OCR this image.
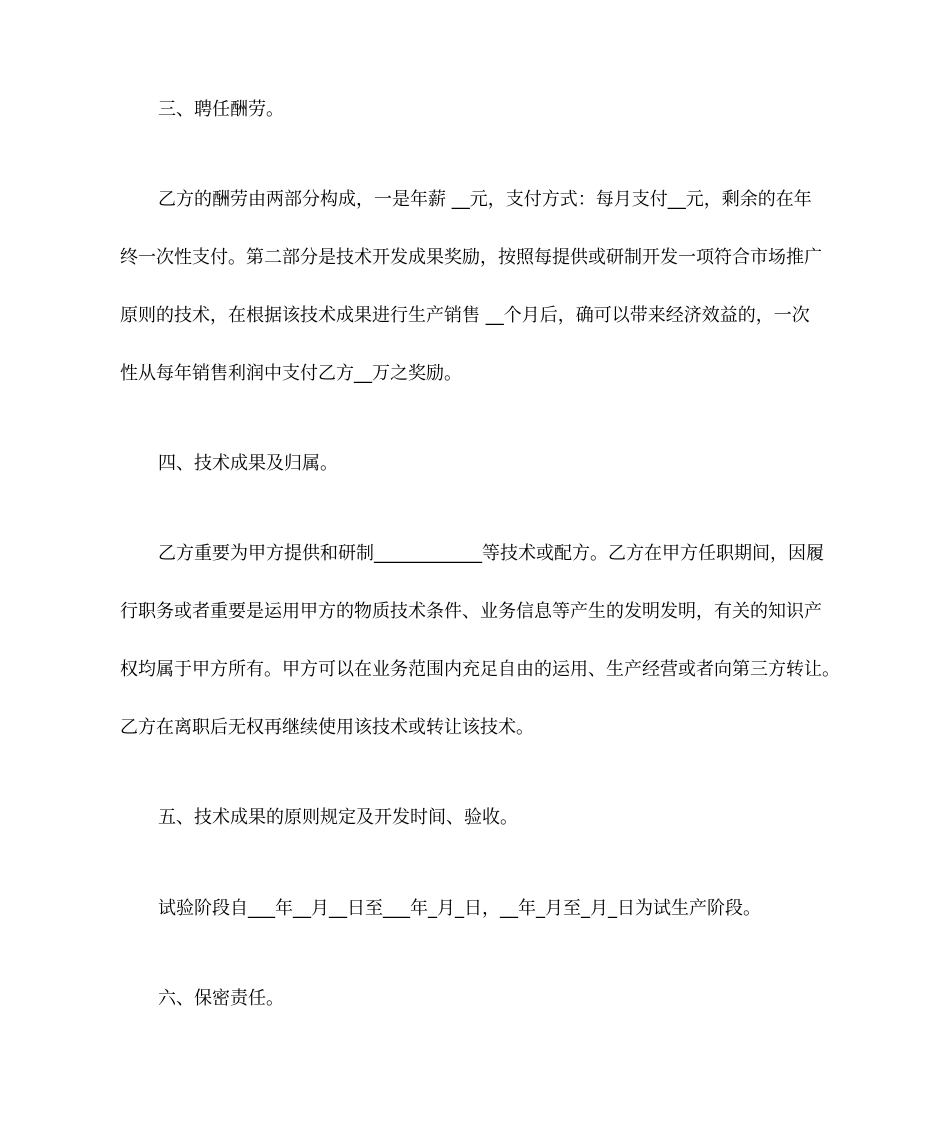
三、聘任酬劳。

乙方的酬劳由两部分构成，一是年薪 __元，支付方式：每月支付__元，剩余的在年

终一次性支付。第二部分是技术开发成果奖励，按照每提供或研制开发一项符合市场推广

原则的技术，在根据该技术成果进行生产销售 __个月后，确可以带来经济效益的，一次

性从每年销售利润中支付乙方__万之奖励。

四、技术成果及归属。

乙方重要为甲方提供和研制____________等技术或配方。乙方在甲方任职期间，因履

行职务或者重要是运用甲方的物质技术条件、业务信息等产生的发明发明，有关的知识产

权均属于甲方所有。甲方可以在业务范围内充足自由的运用、生产经营或者向第三方转让。

乙方在离职后无权再继续使用该技术或转让该技术。

五、技术成果的原则规定及开发时间、验收。

试验阶段自___年__月__日至___年_月_日，__年_月至_月_日为试生产阶段。

六、保密责任。
